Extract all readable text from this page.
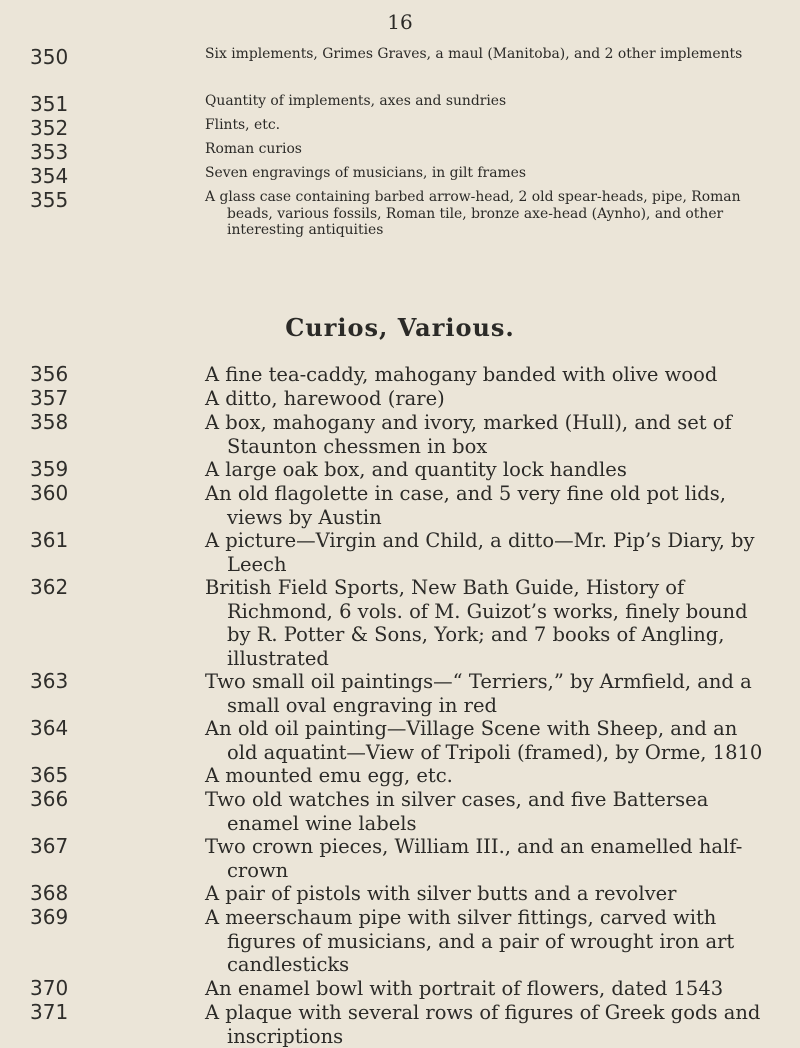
16
350	Six implements, Grimes Graves, a maul (Manitoba), and 2 other implements
351	Quantity of implements, axes and sundries
352	Flints, etc.
353	Roman curios
354	Seven engravings of musicians, in gilt frames
355	A glass case containing barbed arrow-head, 2 old spear-heads, pipe, Roman beads, various fossils, Roman tile, bronze axe-head (Aynho), and other interesting antiquities
Curios, Various.
356	A fine tea-caddy, mahogany banded with olive wood
357	A ditto, harewood (rare)
358	A box, mahogany and ivory, marked (Hull), and set of Staunton chessmen in box
359	A large oak box, and quantity lock handles
360	An old flagolette in case, and 5 very fine old pot lids, views by Austin
361	A picture—Virgin and Child, a ditto—Mr. Pip’s Diary, by Leech
362	British Field Sports, New Bath Guide, History of Richmond, 6 vols. of M. Guizot’s works, finely bound by R. Potter & Sons, York; and 7 books of Angling, illustrated
363	Two small oil paintings—“ Terriers,” by Armfield, and a small oval engraving in red
364	An old oil painting—Village Scene with Sheep, and an old aquatint—View of Tripoli (framed), by Orme, 1810
365	A mounted emu egg, etc.
366	Two old watches in silver cases, and five Battersea enamel wine labels
367	Two crown pieces, William III., and an enamelled half-crown
368	A pair of pistols with silver butts and a revolver
369	A meerschaum pipe with silver fittings, carved with figures of musicians, and a pair of wrought iron art candlesticks
370	An enamel bowl with portrait of flowers, dated 1543
371	A plaque with several rows of figures of Greek gods and inscriptions
